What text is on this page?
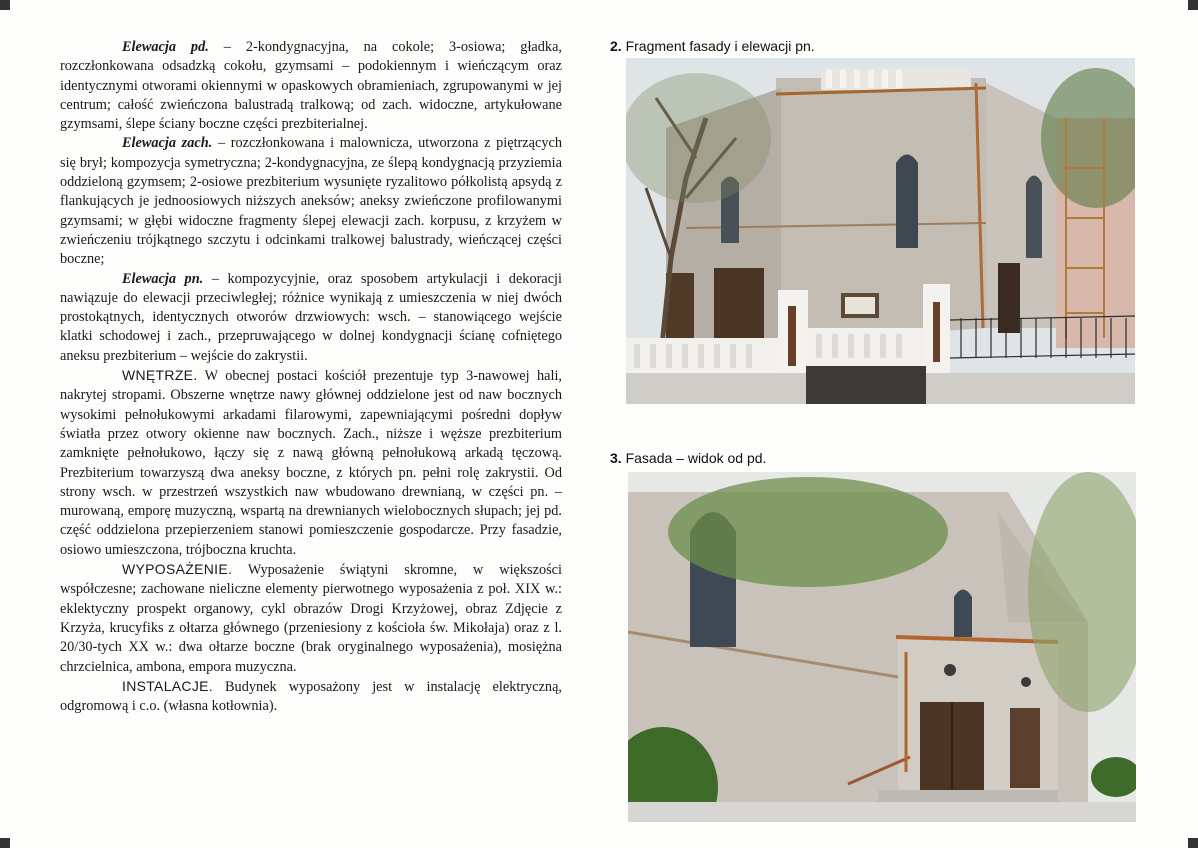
Elewacja pd. – 2-kondygnacyjna, na cokole; 3-osiowa; gładka, rozczłonkowana odsadzką cokołu, gzymsami – podokiennym i wieńczącym oraz identycznymi otworami okiennymi w opaskowych obramieniach, zgrupowanymi w jej centrum; całość zwieńczona balustradą tralkową; od zach. widoczne, artykułowane gzymsami, ślepe ściany boczne części prezbiterialnej.

Elewacja zach. – rozczłonkowana i malownicza, utworzona z piętrzących się brył; kompozycja symetryczna; 2-kondygnacyjna, ze ślepą kondygnacją przyziemia oddzieloną gzymsem; 2-osiowe prezbiterium wysunięte ryzalitowo półkolistą apsydą z flankujących je jednoosiowych niższych aneksów; aneksy zwieńczone profilowanymi gzymsami; w głębi widoczne fragmenty ślepej elewacji zach. korpusu, z krzyżem w zwieńczeniu trójkątnego szczytu i odcinkami tralkowej balustrady, wieńczącej części boczne;

Elewacja pn. – kompozycyjnie, oraz sposobem artykulacji i dekoracji nawiązuje do elewacji przeciwległej; różnice wynikają z umieszczenia w niej dwóch prostokątnych, identycznych otworów drzwiowych: wsch. – stanowiącego wejście klatki schodowej i zach., przepruwającego w dolnej kondygnacji ścianę cofniętego aneksu prezbiterium – wejście do zakrystii.

WNĘTRZE. W obecnej postaci kościół prezentuje typ 3-nawowej hali, nakrytej stropami. Obszerne wnętrze nawy głównej oddzielone jest od naw bocznych wysokimi pełnołukowymi arkadami filarowymi, zapewniającymi pośredni dopływ światła przez otwory okienne naw bocznych. Zach., niższe i węższe prezbiterium zamknięte pełnołukowo, łączy się z nawą główną pełnołukową arkadą tęczową. Prezbiterium towarzyszą dwa aneksy boczne, z których pn. pełni rolę zakrystii. Od strony wsch. w przestrzeń wszystkich naw wbudowano drewnianą, w części pn. – murowaną, emporę muzyczną, wspartą na drewnianych wielobocznych słupach; jej pd. część oddzielona przepierzeniem stanowi pomieszczenie gospodarcze. Przy fasadzie, osiowo umieszczona, trójboczna kruchta.

WYPOSAŻENIE. Wyposażenie świątyni skromne, w większości współczesne; zachowane nieliczne elementy pierwotnego wyposażenia z poł. XIX w.: eklektyczny prospekt organowy, cykl obrazów Drogi Krzyżowej, obraz Zdjęcie z Krzyża, krucyfiks z ołtarza głównego (przeniesiony z kościoła św. Mikołaja) oraz z l. 20/30-tych XX w.: dwa ołtarze boczne (brak oryginalnego wyposażenia), mosiężna chrzcielnica, ambona, empora muzyczna.

INSTALACJE. Budynek wyposażony jest w instalację elektryczną, odgromową i c.o. (własna kotłownia).

2. Fragment fasady i elewacji pn.
3. Fasada – widok od pd.
